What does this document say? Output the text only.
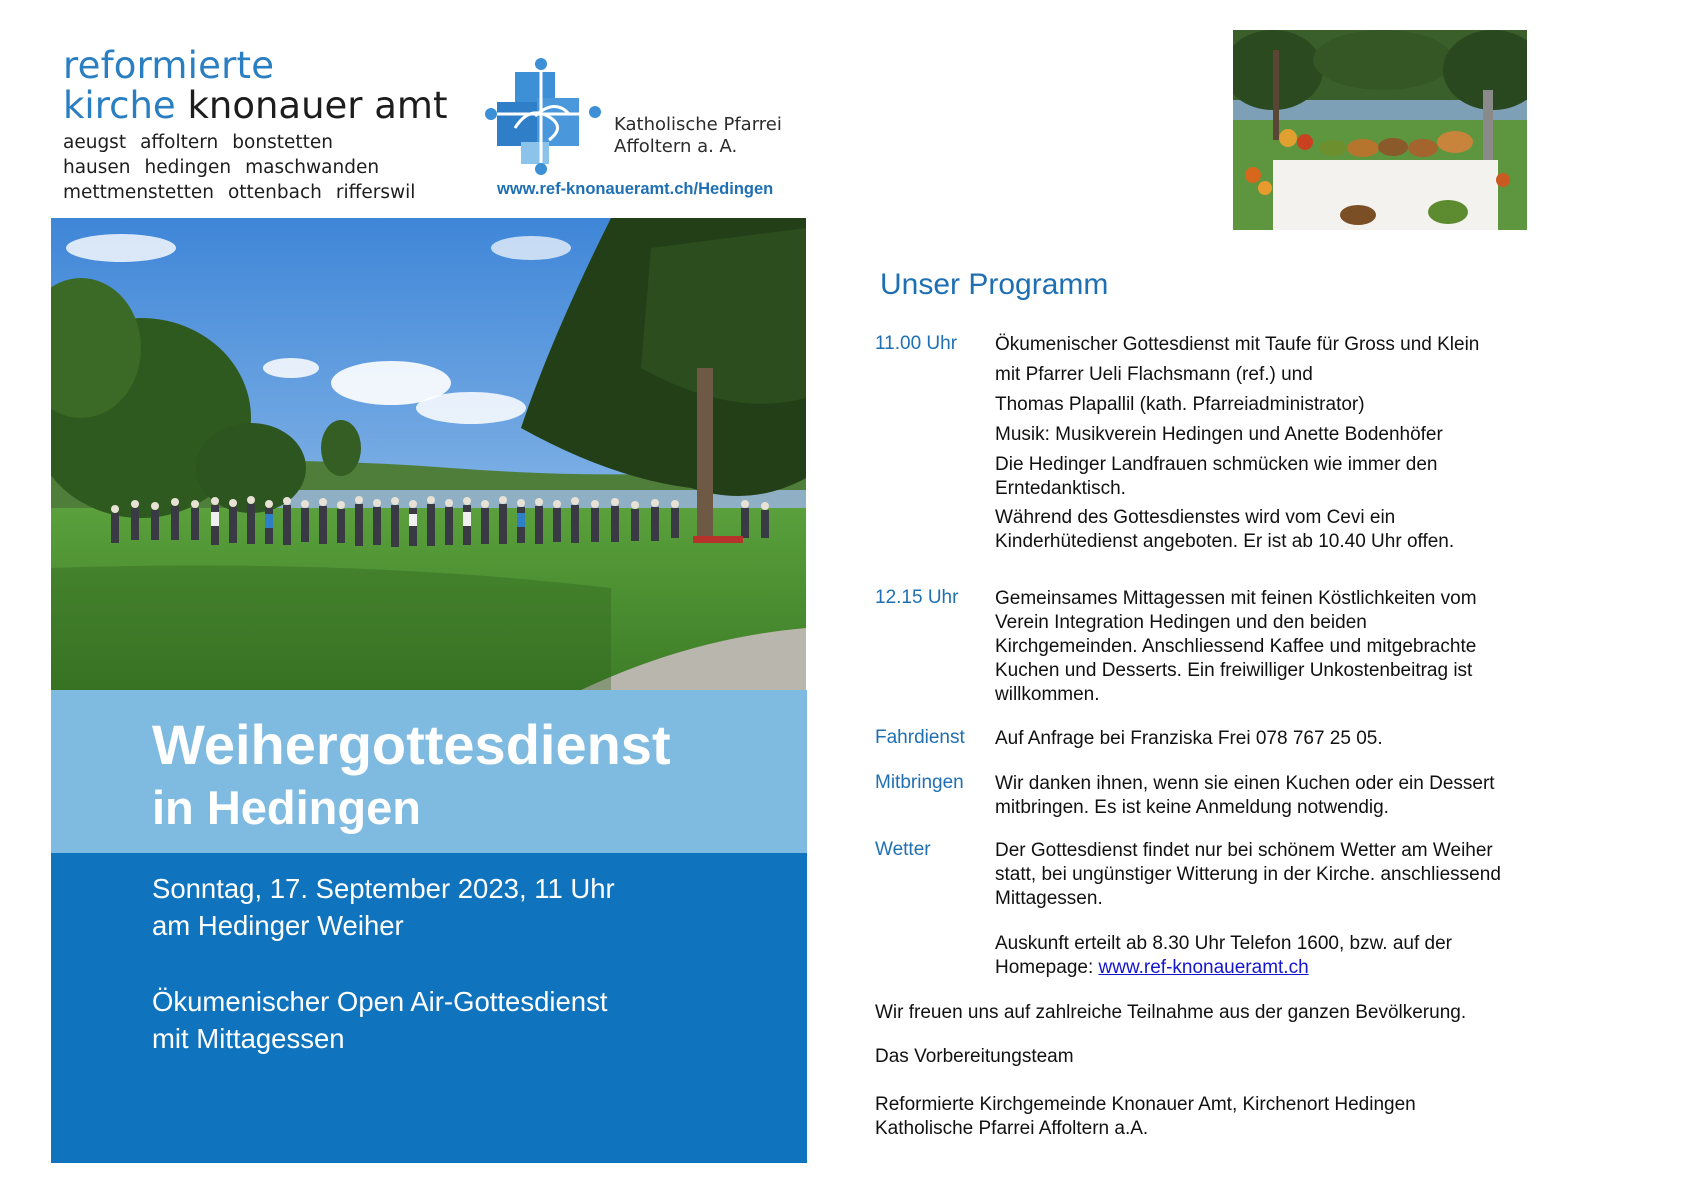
reformierte
kirche knonauer amt
aeugst affoltern bonstetten
hausen hedingen maschwanden
mettmenstetten ottenbach rifferswil
Katholische Pfarrei
Affoltern a. A.
www.ref-knonaueramt.ch/Hedingen
Weihergottesdienst
in Hedingen
Sonntag, 17. September 2023, 11 Uhr
am Hedinger Weiher
Ökumenischer Open Air-Gottesdienst
mit Mittagessen
Unser Programm
11.00 Uhr Ökumenischer Gottesdienst mit Taufe für Gross und Klein
mit Pfarrer Ueli Flachsmann (ref.) und
Thomas Plapallil (kath. Pfarreiadministrator)
Musik: Musikverein Hedingen und Anette Bodenhöfer
Die Hedinger Landfrauen schmücken wie immer den
Erntedanktisch.
Während des Gottesdienstes wird vom Cevi ein
Kinderhütedienst angeboten. Er ist ab 10.40 Uhr offen.
12.15 Uhr Gemeinsames Mittagessen mit feinen Köstlichkeiten vom
Verein Integration Hedingen und den beiden
Kirchgemeinden. Anschliessend Kaffee und mitgebrachte
Kuchen und Desserts. Ein freiwilliger Unkostenbeitrag ist
willkommen.
Fahrdienst Auf Anfrage bei Franziska Frei 078 767 25 05.
Mitbringen Wir danken ihnen, wenn sie einen Kuchen oder ein Dessert
mitbringen. Es ist keine Anmeldung notwendig.
Wetter	Der Gottesdienst findet nur bei schönem Wetter am Weiher
statt, bei ungünstiger Witterung in der Kirche. anschliessend
Mittagessen.
Auskunft erteilt ab 8.30 Uhr Telefon 1600, bzw. auf der
Homepage: www.ref-knonaueramt.ch
Wir freuen uns auf zahlreiche Teilnahme aus der ganzen Bevölkerung.
Das Vorbereitungsteam
Reformierte Kirchgemeinde Knonauer Amt, Kirchenort Hedingen
Katholische Pfarrei Affoltern a.A.
